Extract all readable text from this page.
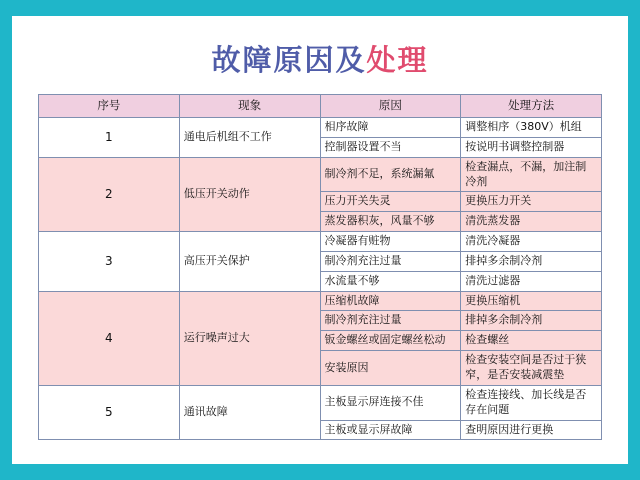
故障原因及处理
序号	现象	原因	处理方法
1	通电后机组不工作	相序故障	调整相序（380V）机组
		控制器设置不当	按说明书调整控制器
2	低压开关动作	制冷剂不足，系统漏氟	检查漏点，不漏，加注制冷剂
		压力开关失灵	更换压力开关
		蒸发器积灰，风量不够	清洗蒸发器
3	高压开关保护	冷凝器有赃物	清洗冷凝器
		制冷剂充注过量	排掉多余制冷剂
		水流量不够	清洗过滤器
4	运行噪声过大	压缩机故障	更换压缩机
		制冷剂充注过量	排掉多余制冷剂
		钣金螺丝或固定螺丝松动	检查螺丝
		安装原因	检查安装空间是否过于狭窄，是否安装减震垫
5	通讯故障	主板显示屏连接不佳	检查连接线、加长线是否存在问题
		主板或显示屏故障	查明原因进行更换
